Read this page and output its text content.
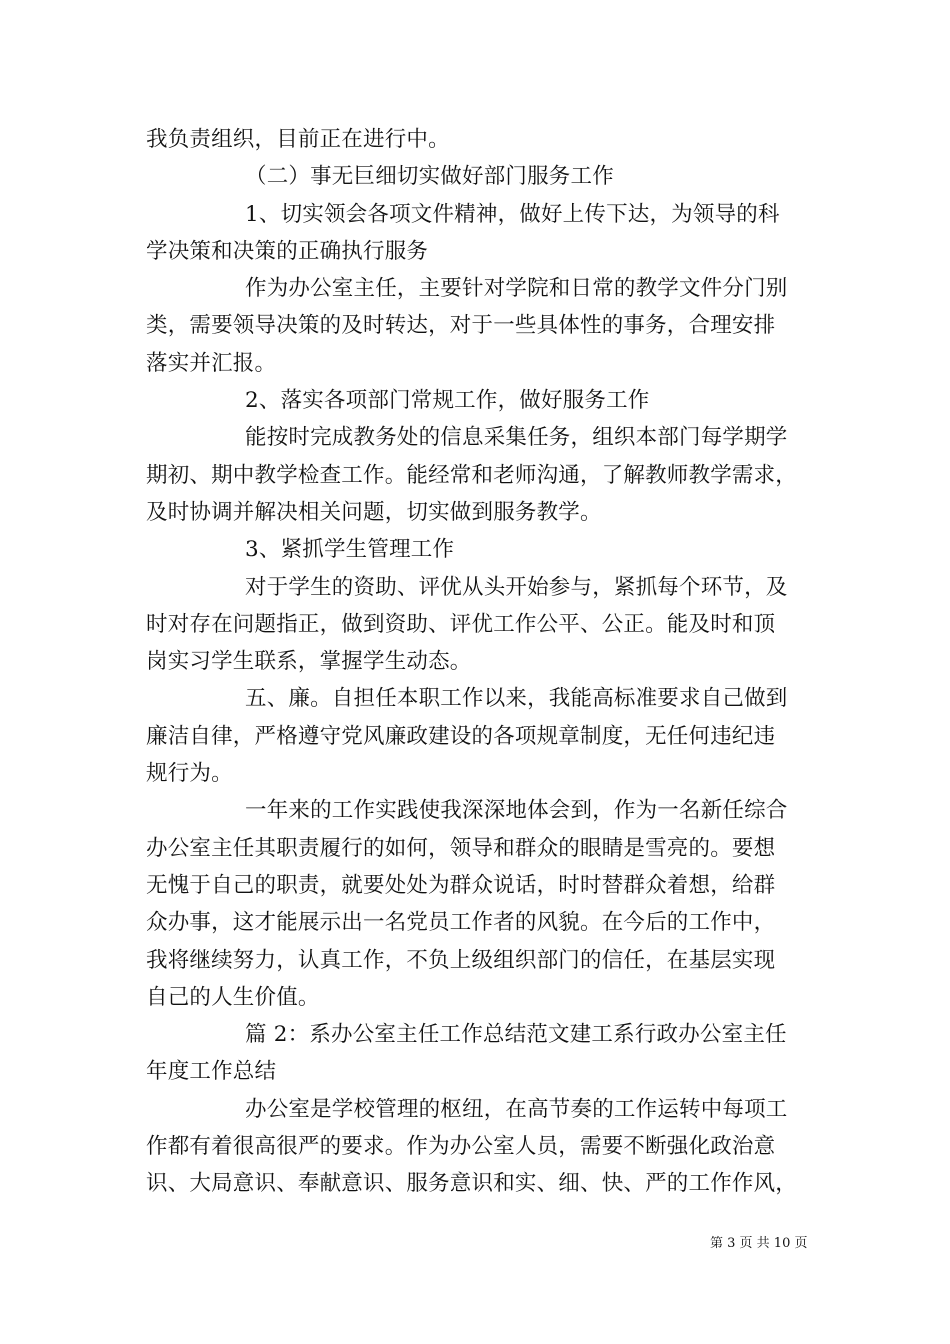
我负责组织，目前正在进行中。
（二）事无巨细切实做好部门服务工作
1、切实领会各项文件精神，做好上传下达，为领导的科
学决策和决策的正确执行服务
作为办公室主任，主要针对学院和日常的教学文件分门别
类，需要领导决策的及时转达，对于一些具体性的事务，合理安排
落实并汇报。
2、落实各项部门常规工作，做好服务工作
能按时完成教务处的信息采集任务，组织本部门每学期学
期初、期中教学检查工作。能经常和老师沟通，了解教师教学需求，
及时协调并解决相关问题，切实做到服务教学。
3、紧抓学生管理工作
对于学生的资助、评优从头开始参与，紧抓每个环节，及
时对存在问题指正，做到资助、评优工作公平、公正。能及时和顶
岗实习学生联系，掌握学生动态。
五、廉。自担任本职工作以来，我能高标准要求自己做到
廉洁自律，严格遵守党风廉政建设的各项规章制度，无任何违纪违
规行为。
一年来的工作实践使我深深地体会到，作为一名新任综合
办公室主任其职责履行的如何，领导和群众的眼睛是雪亮的。要想
无愧于自己的职责，就要处处为群众说话，时时替群众着想，给群
众办事，这才能展示出一名党员工作者的风貌。在今后的工作中，
我将继续努力，认真工作，不负上级组织部门的信任，在基层实现
自己的人生价值。
篇 2：系办公室主任工作总结范文建工系行政办公室主任
年度工作总结
办公室是学校管理的枢纽，在高节奏的工作运转中每项工
作都有着很高很严的要求。作为办公室人员，需要不断强化政治意
识、大局意识、奉献意识、服务意识和实、细、快、严的工作作风，
第 3 页 共 10 页
